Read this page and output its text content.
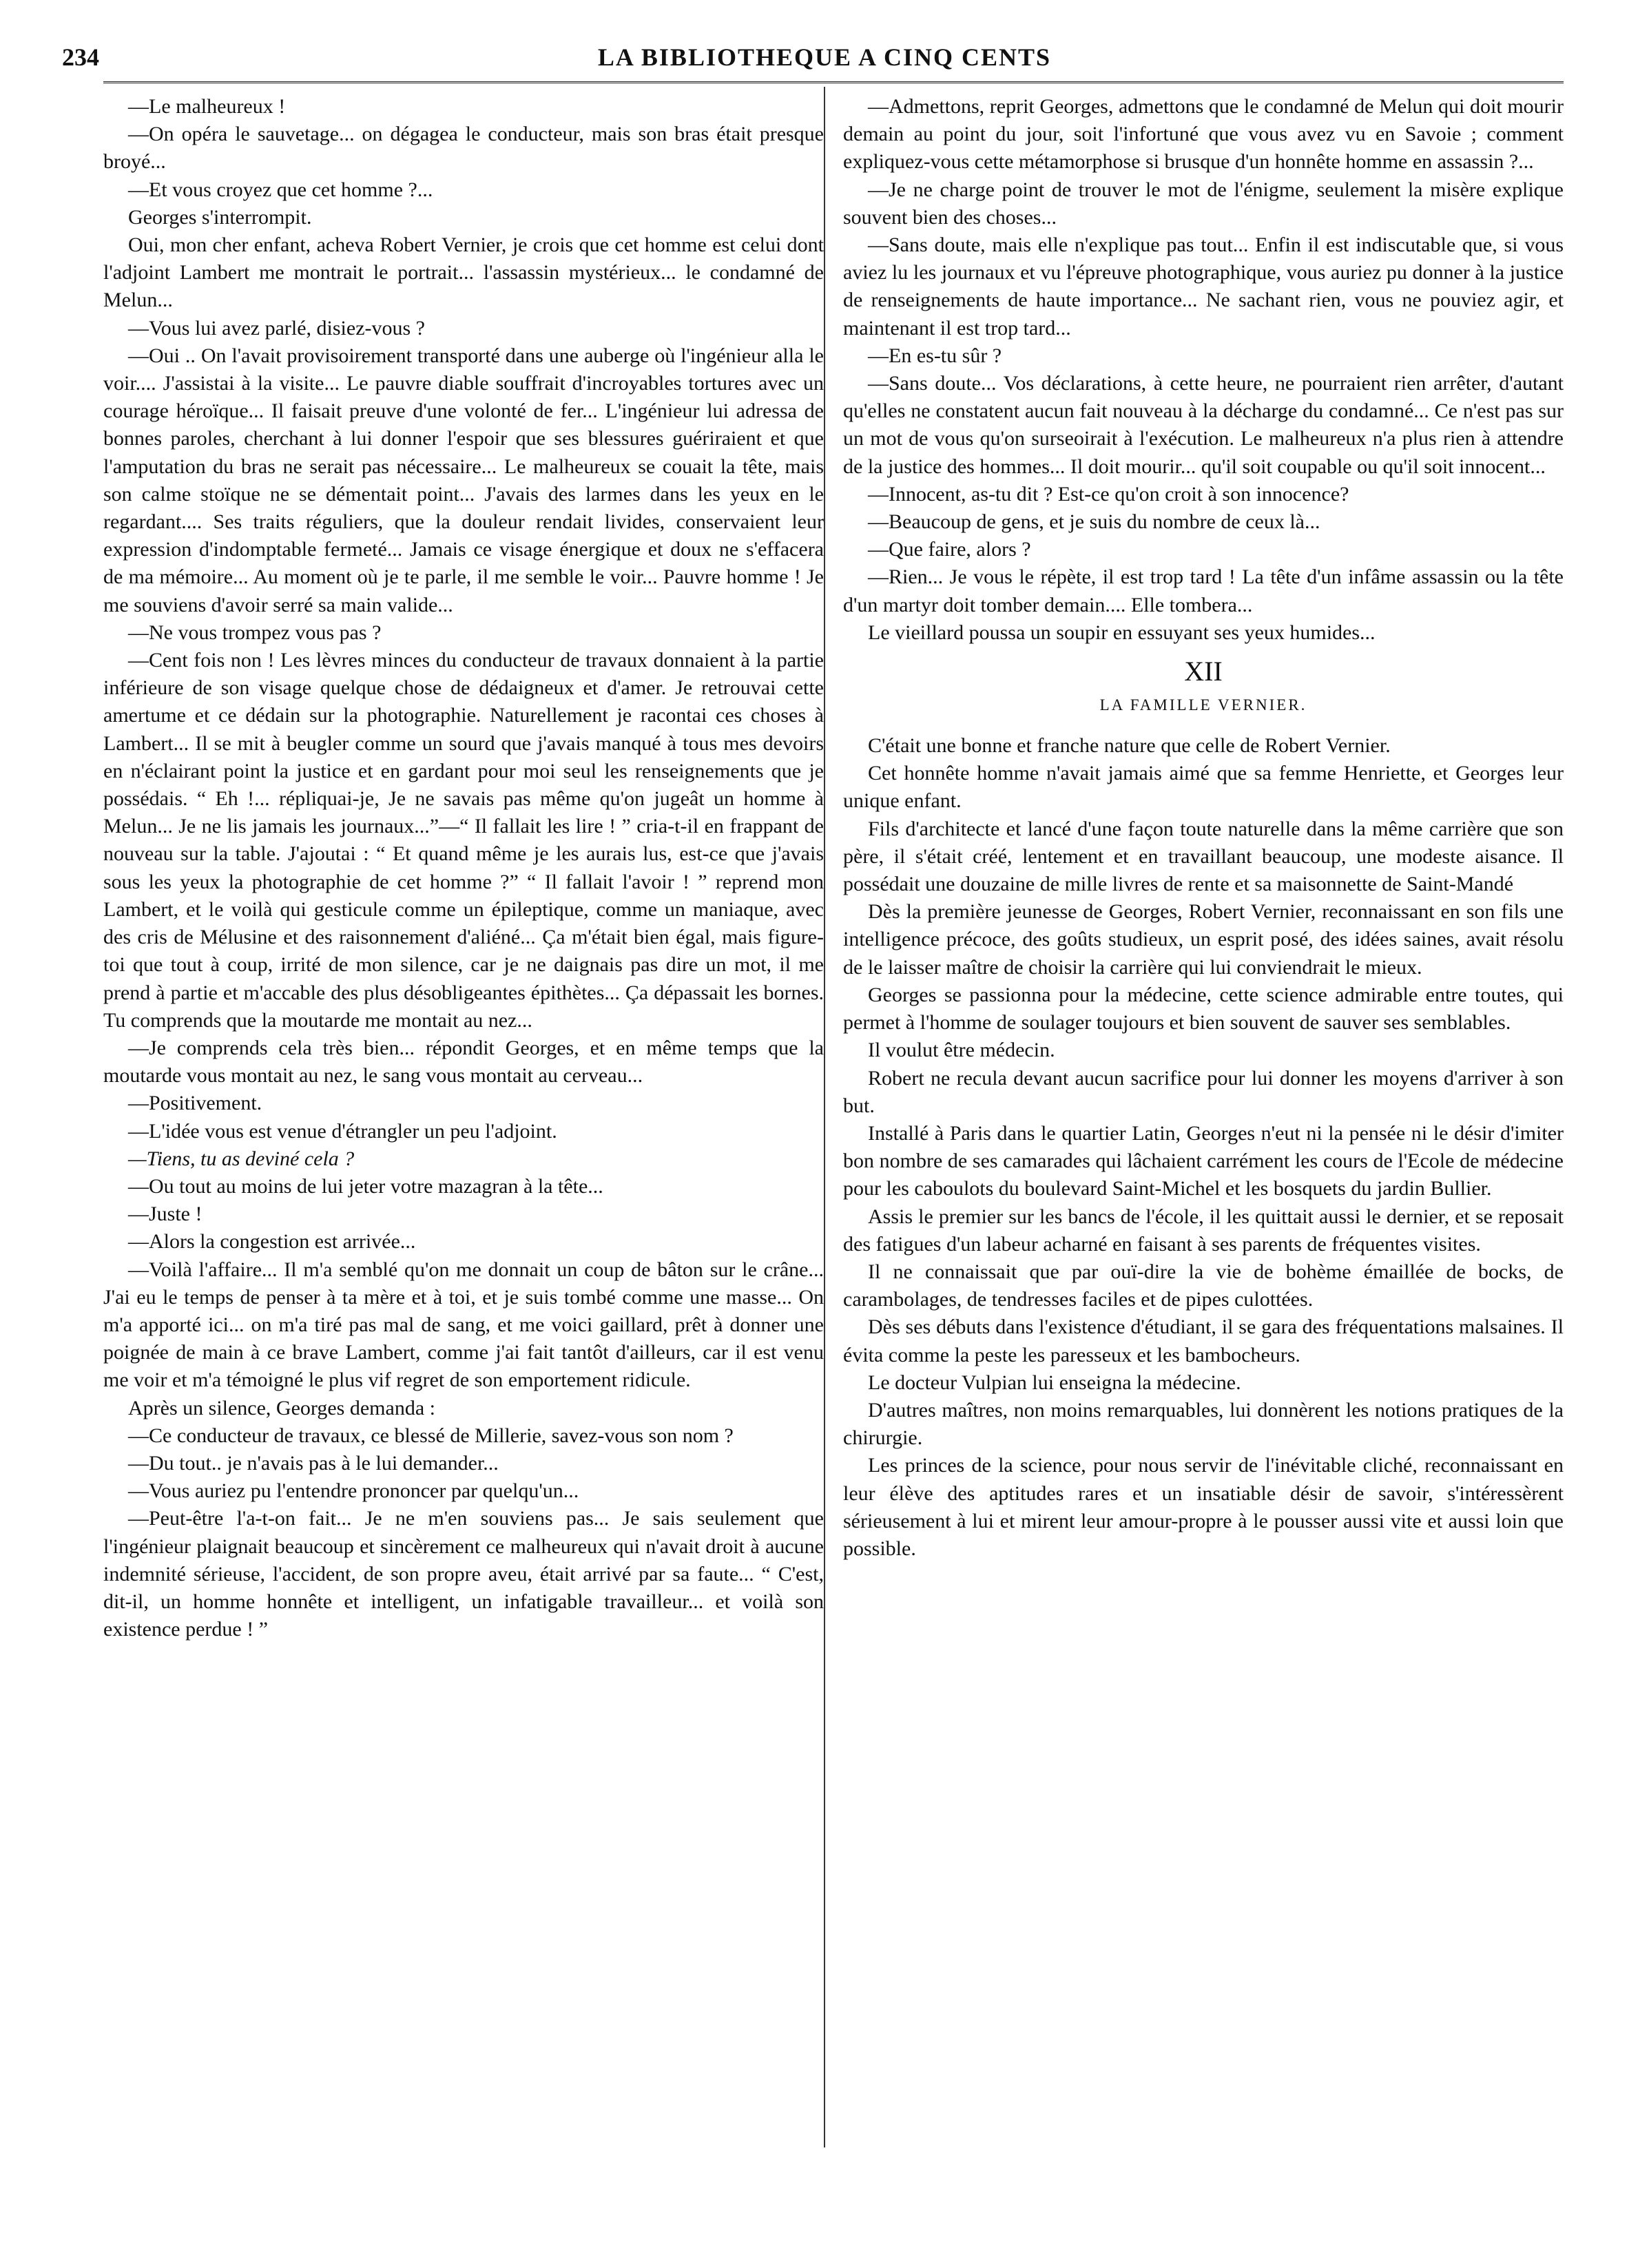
234	LA BIBLIOTHEQUE A CINQ CENTS

—Le malheureux !

—On opéra le sauvetage... on dégagea le conducteur, mais son bras était presque broyé...

—Et vous croyez que cet homme ?...

Georges s'interrompit.

Oui, mon cher enfant, acheva Robert Vernier, je crois que cet homme est celui dont l'adjoint Lambert me montrait le portrait... l'assassin mystérieux... le condamné de Melun...

—Vous lui avez parlé, disiez-vous ?

—Oui .. On l'avait provisoirement transporté dans une auberge où l'ingénieur alla le voir.... J'assistai à la visite... Le pauvre diable souffrait d'incroyables tortures avec un courage héroïque... Il faisait preuve d'une volonté de fer... L'ingénieur lui adressa de bonnes paroles, cherchant à lui donner l'espoir que ses blessures guériraient et que l'amputation du bras ne serait pas nécessaire... Le malheureux se couait la tête, mais son calme stoïque ne se démentait point... J'avais des larmes dans les yeux en le regardant.... Ses traits réguliers, que la douleur rendait livides, conservaient leur expression d'indomptable fermeté... Jamais ce visage énergique et doux ne s'effacera de ma mémoire... Au moment où je te parle, il me semble le voir... Pauvre homme ! Je me souviens d'avoir serré sa main valide...

—Ne vous trompez vous pas ?

—Cent fois non ! Les lèvres minces du conducteur de travaux donnaient à la partie inférieure de son visage quelque chose de dédaigneux et d'amer. Je retrouvai cette amertume et ce dédain sur la photographie. Naturellement je racontai ces choses à Lambert... Il se mit à beugler comme un sourd que j'avais manqué à tous mes devoirs en n'éclairant point la justice et en gardant pour moi seul les renseignements que je possédais. “ Eh !... répliquai-je, Je ne savais pas même qu'on jugeât un homme à Melun... Je ne lis jamais les journaux...”—“ Il fallait les lire ! ” cria-t-il en frappant de nouveau sur la table. J'ajoutai : “ Et quand même je les aurais lus, est-ce que j'avais sous les yeux la photographie de cet homme ?” “ Il fallait l'avoir ! ” reprend mon Lambert, et le voilà qui gesticule comme un épileptique, comme un maniaque, avec des cris de Mélusine et des raisonnement d'aliéné... Ça m'était bien égal, mais figure-toi que tout à coup, irrité de mon silence, car je ne daignais pas dire un mot, il me prend à partie et m'accable des plus désobligeantes épithètes... Ça dépassait les bornes. Tu comprends que la moutarde me montait au nez...

—Je comprends cela très bien... répondit Georges, et en même temps que la moutarde vous montait au nez, le sang vous montait au cerveau...

—Positivement.

—L'idée vous est venue d'étrangler un peu l'adjoint.

—Tiens, tu as deviné cela ?

—Ou tout au moins de lui jeter votre mazagran à la tête...

—Juste !

—Alors la congestion est arrivée...

—Voilà l'affaire... Il m'a semblé qu'on me donnait un coup de bâton sur le crâne... J'ai eu le temps de penser à ta mère et à toi, et je suis tombé comme une masse... On m'a apporté ici... on m'a tiré pas mal de sang, et me voici gaillard, prêt à donner une poignée de main à ce brave Lambert, comme j'ai fait tantôt d'ailleurs, car il est venu me voir et m'a témoigné le plus vif regret de son emportement ridicule.

Après un silence, Georges demanda :

—Ce conducteur de travaux, ce blessé de Millerie, savez-vous son nom ?

—Du tout.. je n'avais pas à le lui demander...

—Vous auriez pu l'entendre prononcer par quelqu'un...

—Peut-être l'a-t-on fait... Je ne m'en souviens pas... Je sais seulement que l'ingénieur plaignait beaucoup et sincèrement ce malheureux qui n'avait droit à aucune indemnité sérieuse, l'accident, de son propre aveu, était arrivé par sa faute... “ C'est, dit-il, un homme honnête et intelligent, un infatigable travailleur... et voilà son existence perdue ! ”

—Admettons, reprit Georges, admettons que le condamné de Melun qui doit mourir demain au point du jour, soit l'infortuné que vous avez vu en Savoie ; comment expliquez-vous cette métamorphose si brusque d'un honnête homme en assassin ?...

—Je ne charge point de trouver le mot de l'énigme, seulement la misère explique souvent bien des choses...

—Sans doute, mais elle n'explique pas tout... Enfin il est indiscutable que, si vous aviez lu les journaux et vu l'épreuve photographique, vous auriez pu donner à la justice de renseignements de haute importance... Ne sachant rien, vous ne pouviez agir, et maintenant il est trop tard...

—En es-tu sûr ?

—Sans doute... Vos déclarations, à cette heure, ne pourraient rien arrêter, d'autant qu'elles ne constatent aucun fait nouveau à la décharge du condamné... Ce n'est pas sur un mot de vous qu'on surseoirait à l'exécution. Le malheureux n'a plus rien à attendre de la justice des hommes... Il doit mourir... qu'il soit coupable ou qu'il soit innocent...

—Innocent, as-tu dit ? Est-ce qu'on croit à son innocence?

—Beaucoup de gens, et je suis du nombre de ceux là...

—Que faire, alors ?

—Rien... Je vous le répète, il est trop tard ! La tête d'un infâme assassin ou la tête d'un martyr doit tomber demain.... Elle tombera...

Le vieillard poussa un soupir en essuyant ses yeux humides...

XII
LA FAMILLE VERNIER.

C'était une bonne et franche nature que celle de Robert Vernier.

Cet honnête homme n'avait jamais aimé que sa femme Henriette, et Georges leur unique enfant.

Fils d'architecte et lancé d'une façon toute naturelle dans la même carrière que son père, il s'était créé, lentement et en travaillant beaucoup, une modeste aisance. Il possédait une douzaine de mille livres de rente et sa maisonnette de Saint-Mandé

Dès la première jeunesse de Georges, Robert Vernier, reconnaissant en son fils une intelligence précoce, des goûts studieux, un esprit posé, des idées saines, avait résolu de le laisser maître de choisir la carrière qui lui conviendrait le mieux.

Georges se passionna pour la médecine, cette science admirable entre toutes, qui permet à l'homme de soulager toujours et bien souvent de sauver ses semblables.

Il voulut être médecin.

Robert ne recula devant aucun sacrifice pour lui donner les moyens d'arriver à son but.

Installé à Paris dans le quartier Latin, Georges n'eut ni la pensée ni le désir d'imiter bon nombre de ses camarades qui lâchaient carrément les cours de l'Ecole de médecine pour les caboulots du boulevard Saint-Michel et les bosquets du jardin Bullier.

Assis le premier sur les bancs de l'école, il les quittait aussi le dernier, et se reposait des fatigues d'un labeur acharné en faisant à ses parents de fréquentes visites.

Il ne connaissait que par ouï-dire la vie de bohème émaillée de bocks, de carambolages, de tendresses faciles et de pipes culottées.

Dès ses débuts dans l'existence d'étudiant, il se gara des fréquentations malsaines. Il évita comme la peste les paresseux et les bambocheurs.

Le docteur Vulpian lui enseigna la médecine.

D'autres maîtres, non moins remarquables, lui donnèrent les notions pratiques de la chirurgie.

Les princes de la science, pour nous servir de l'inévitable cliché, reconnaissant en leur élève des aptitudes rares et un insatiable désir de savoir, s'intéressèrent sérieusement à lui et mirent leur amour-propre à le pousser aussi vite et aussi loin que possible.
